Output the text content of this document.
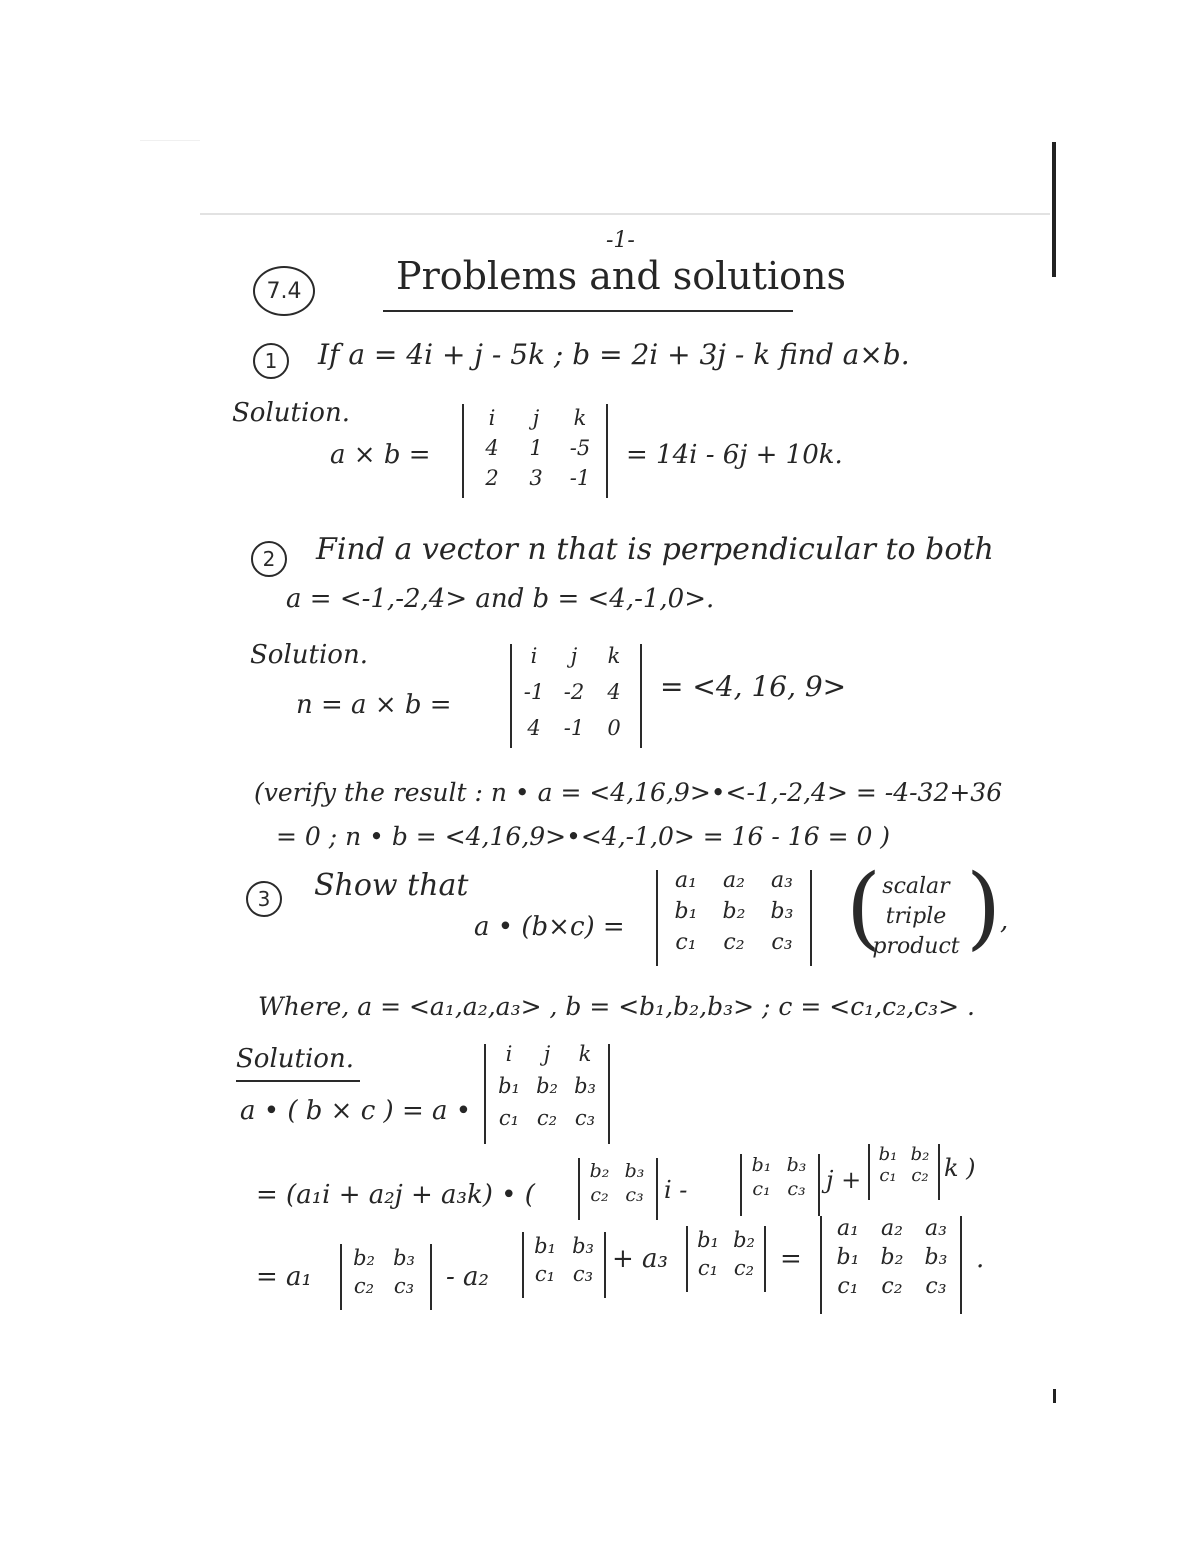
-1-
7.4	Problems and solutions
1	If a = 4i + j - 5k ; b = 2i + 3j - k find a×b.
Solution.
a × b =
i	j	k
4	1	-5
2	3	-1
= 14i - 6j + 10k.
2	Find a vector n that is perpendicular to both
a = <-1,-2,4> and b = <4,-1,0>.
Solution.
n = a × b =
i	j	k
-1 -2	4
4	-1	0
= <4, 16, 9>
(verify the result : n • a = <4,16,9>•<-1,-2,4> = -4-32+36
= 0 ; n • b = <4,16,9>•<4,-1,0> = 16 - 16 = 0 )
3	Show that
a • (b×c) =
a₁	a₂	a₃
b₁	b₂	b₃
c₁	c₂	c₃ ( scalar
triple
product )
,
Where, a = <a₁,a₂,a₃> , b = <b₁,b₂,b₃> ; c = <c₁,c₂,c₃> .
Solution.
a • ( b × c ) = a •
i	j	k
b₁ b₂ b₃
c₁ c₂ c₃
= (a₁i + a₂j + a₃k) • (
b₂ b₃
c₂ c₃ i -
b₁ b₃
c₁ c₃ j +
b₁ b₂
c₁ c₂ k )
= a₁
b₂ b₃
c₂ c₃	- a₂
b₁ b₃
c₁ c₃ + a₃
b₁ b₂
c₁ c₂ =
a₁	a₂	a₃
b₁ b₂ b₃
c₁	c₂	c₃
.
